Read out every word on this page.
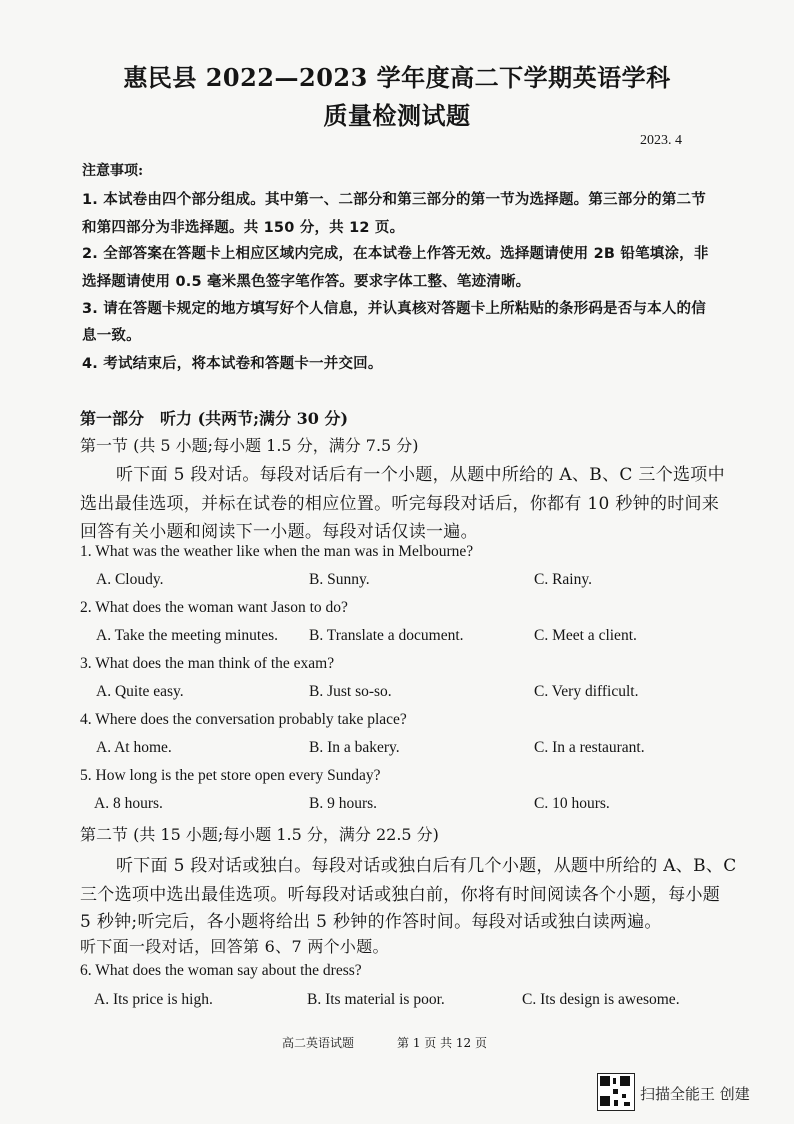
惠民县 2022—2023 学年度高二下学期英语学科
质量检测试题
2023. 4
注意事项:
1. 本试卷由四个部分组成。其中第一、二部分和第三部分的第一节为选择题。第三部分的第二节
和第四部分为非选择题。共 150 分，共 12 页。
2. 全部答案在答题卡上相应区域内完成，在本试卷上作答无效。选择题请使用 2B 铅笔填涂，非
选择题请使用 0.5 毫米黑色签字笔作答。要求字体工整、笔迹清晰。
3. 请在答题卡规定的地方填写好个人信息，并认真核对答题卡上所粘贴的条形码是否与本人的信
息一致。
4. 考试结束后，将本试卷和答题卡一并交回。
第一部分　听力 (共两节;满分 30 分)
第一节 (共 5 小题;每小题 1.5 分，满分 7.5 分)
听下面 5 段对话。每段对话后有一个小题，从题中所给的 A、B、C 三个选项中
选出最佳选项，并标在试卷的相应位置。听完每段对话后，你都有 10 秒钟的时间来
回答有关小题和阅读下一小题。每段对话仅读一遍。
1. What was the weather like when the man was in Melbourne?
A. Cloudy.	B. Sunny.	C. Rainy.
2. What does the woman want Jason to do?
A. Take the meeting minutes. B. Translate a document.	C. Meet a client.
3. What does the man think of the exam?
A. Quite easy.	B. Just so-so.	C. Very difficult.
4. Where does the conversation probably take place?
A. At home.	B. In a bakery.	C. In a restaurant.
5. How long is the pet store open every Sunday?
A. 8 hours.	B. 9 hours.	C. 10 hours.
第二节 (共 15 小题;每小题 1.5 分，满分 22.5 分)
听下面 5 段对话或独白。每段对话或独白后有几个小题，从题中所给的 A、B、C
三个选项中选出最佳选项。听每段对话或独白前，你将有时间阅读各个小题，每小题
5 秒钟;听完后，各小题将给出 5 秒钟的作答时间。每段对话或独白读两遍。
听下面一段对话，回答第 6、7 两个小题。
6. What does the woman say about the dress?
A. Its price is high.	B. Its material is poor.	C. Its design is awesome.
高二英语试题	第 1 页 共 12 页
扫描全能王 创建
